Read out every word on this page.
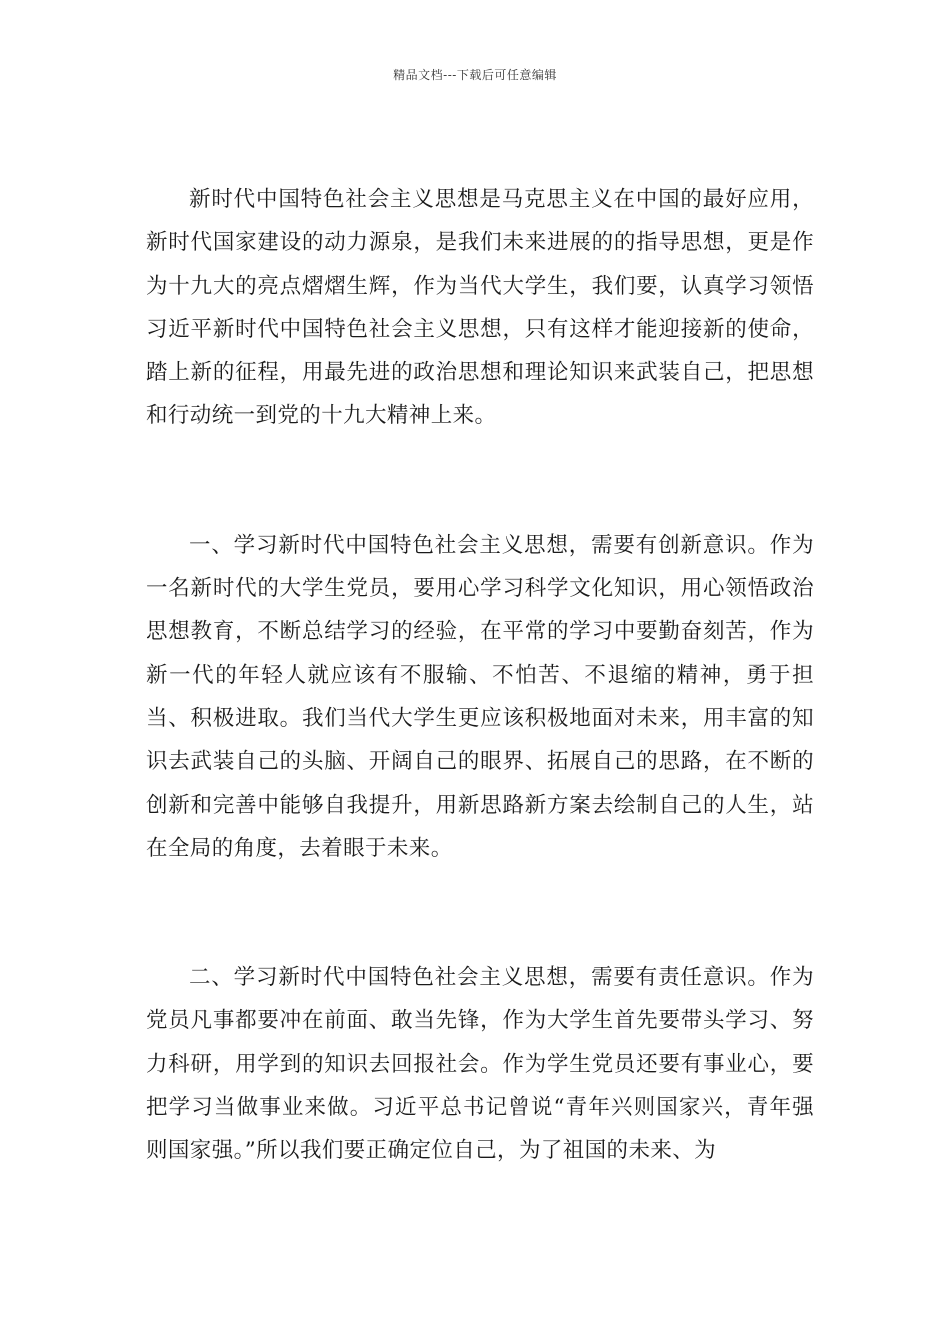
精品文档---下载后可任意编辑

新时代中国特色社会主义思想是马克思主义在中国的最好应用，新时代国家建设的动力源泉，是我们未来进展的的指导思想，更是作为十九大的亮点熠熠生辉，作为当代大学生，我们要，认真学习领悟习近平新时代中国特色社会主义思想，只有这样才能迎接新的使命，踏上新的征程，用最先进的政治思想和理论知识来武装自己，把思想和行动统一到党的十九大精神上来。

一、学习新时代中国特色社会主义思想，需要有创新意识。作为一名新时代的大学生党员，要用心学习科学文化知识，用心领悟政治思想教育，不断总结学习的经验，在平常的学习中要勤奋刻苦，作为新一代的年轻人就应该有不服输、不怕苦、不退缩的精神，勇于担当、积极进取。我们当代大学生更应该积极地面对未来，用丰富的知识去武装自己的头脑、开阔自己的眼界、拓展自己的思路，在不断的创新和完善中能够自我提升，用新思路新方案去绘制自己的人生，站在全局的角度，去着眼于未来。

二、学习新时代中国特色社会主义思想，需要有责任意识。作为党员凡事都要冲在前面、敢当先锋，作为大学生首先要带头学习、努力科研，用学到的知识去回报社会。作为学生党员还要有事业心，要把学习当做事业来做。习近平总书记曾说“青年兴则国家兴，青年强则国家强。”所以我们要正确定位自己，为了祖国的未来、为
